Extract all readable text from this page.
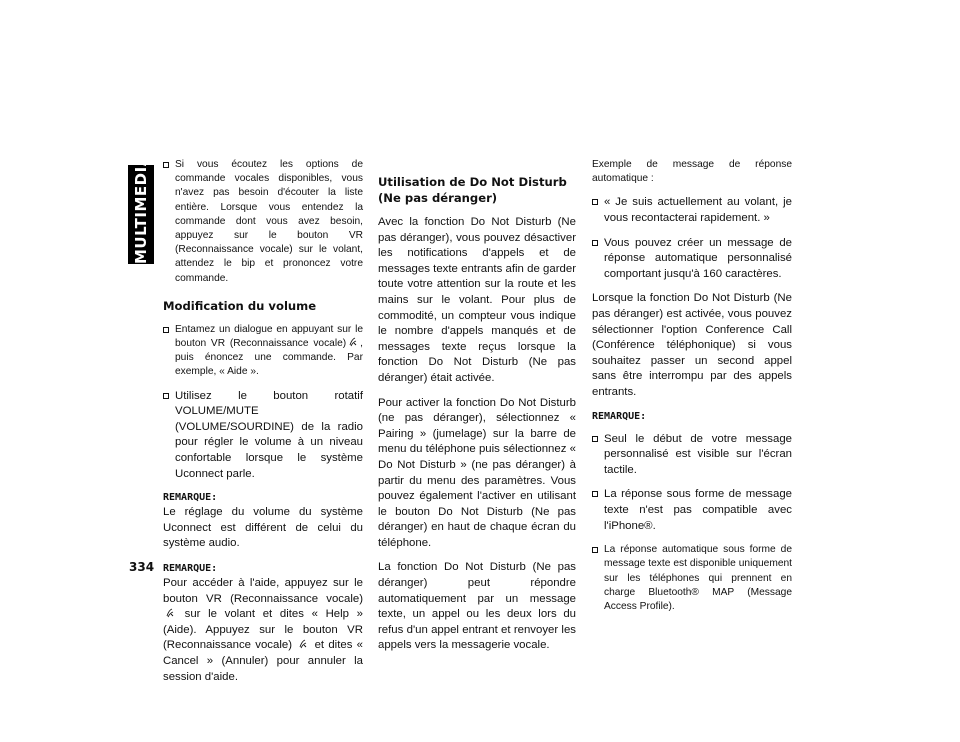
MULTIMEDIA
334
Si vous écoutez les options de commande vocales disponibles, vous n'avez pas besoin d'écouter la liste entière. Lorsque vous entendez la commande dont vous avez besoin, appuyez sur le bouton VR (Reconnaissance vocale) sur le volant, attendez le bip et prononcez votre commande.
Modification du volume
Entamez un dialogue en appuyant sur le bouton VR (Reconnaissance vocale) , puis énoncez une commande. Par exemple, « Aide ».
Utilisez le bouton rotatif VOLUME/MUTE (VOLUME/SOURDINE) de la radio pour régler le volume à un niveau confortable lorsque le système Uconnect parle.
REMARQUE:

Le réglage du volume du système Uconnect est différent de celui du système audio.

REMARQUE:

Pour accéder à l'aide, appuyez sur le bouton VR (Reconnaissance vocale)  sur le volant et dites « Help » (Aide). Appuyez sur le bouton VR (Reconnaissance vocale) et dites « Cancel » (Annuler) pour annuler la session d'aide.

Utilisation de Do Not Disturb (Ne pas déranger)

Avec la fonction Do Not Disturb (Ne pas déranger), vous pouvez désactiver les notifications d'appels et de messages texte entrants afin de garder toute votre attention sur la route et les mains sur le volant. Pour plus de commodité, un compteur vous indique le nombre d'appels manqués et de messages texte reçus lorsque la fonction Do Not Disturb (Ne pas déranger) était activée.

Pour activer la fonction Do Not Disturb (ne pas déranger), sélectionnez « Pairing » (jumelage) sur la barre de menu du téléphone puis sélectionnez « Do Not Disturb » (ne pas déranger) à partir du menu des paramètres. Vous pouvez également l'activer en utilisant le bouton Do Not Disturb (Ne pas déranger) en haut de chaque écran du téléphone.

La fonction Do Not Disturb (Ne pas déranger) peut répondre automatiquement par un message texte, un appel ou les deux lors du refus d'un appel entrant et renvoyer les appels vers la messagerie vocale.

Exemple de message de réponse automatique :

« Je suis actuellement au volant, je vous recontacterai rapidement. »
Vous pouvez créer un message de réponse automatique personnalisé comportant jusqu'à 160 caractères.

Lorsque la fonction Do Not Disturb (Ne pas déranger) est activée, vous pouvez sélectionner l'option Conference Call (Conférence téléphonique) si vous souhaitez passer un second appel sans être interrompu par des appels entrants.

REMARQUE:
Seul le début de votre message personnalisé est visible sur l'écran tactile.
La réponse sous forme de message texte n'est pas compatible avec l'iPhone®.
La réponse automatique sous forme de message texte est disponible uniquement sur les téléphones qui prennent en charge Bluetooth® MAP (Message Access Profile).
